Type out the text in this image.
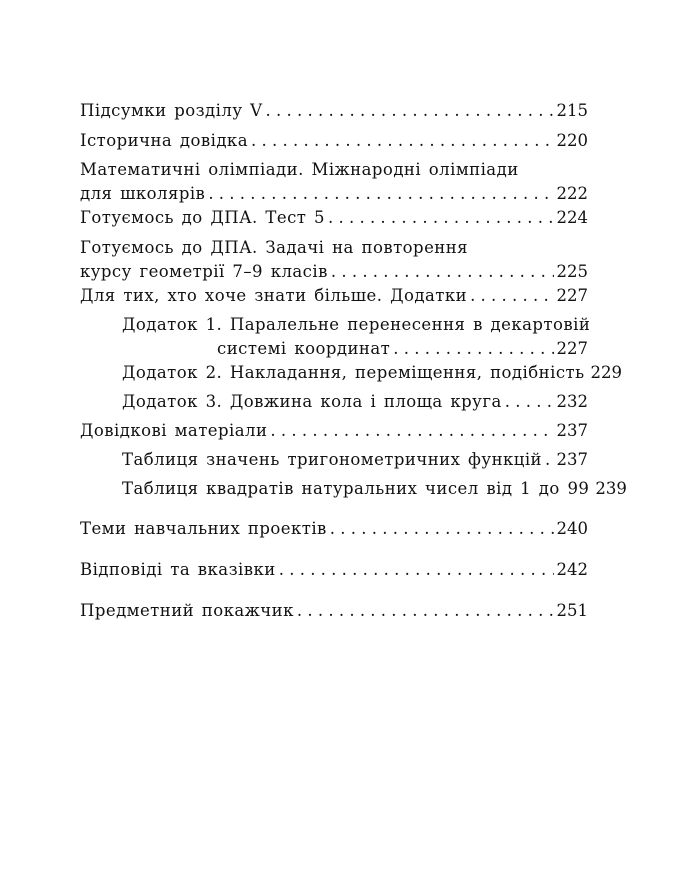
Підсумки розділу V . . .	215
Історична довідка . . .	220
Математичні олімпіади. Міжнародні олімпіади
для школярів . . .	222
Готуємось до ДПА. Тест 5 . . .	224
Готуємось до ДПА. Задачі на повторення
курсу геометрії 7–9 класів . . .	225
Для тих, хто хоче знати більше. Додатки . . .	227
Додаток 1. Паралельне перенесення в декартовій
системі координат . . .	227
Додаток 2. Накладання, переміщення, подібність 229
Додаток 3. Довжина кола і площа круга . . .	232
Довідкові матеріали . . .	237
Таблиця значень тригонометричних функцій . . . 237
Таблиця квадратів натуральних чисел від 1 до 99 239
Теми навчальних проектів . . .	240
Відповіді та вказівки . . .	242
Предметний покажчик . . .	251
